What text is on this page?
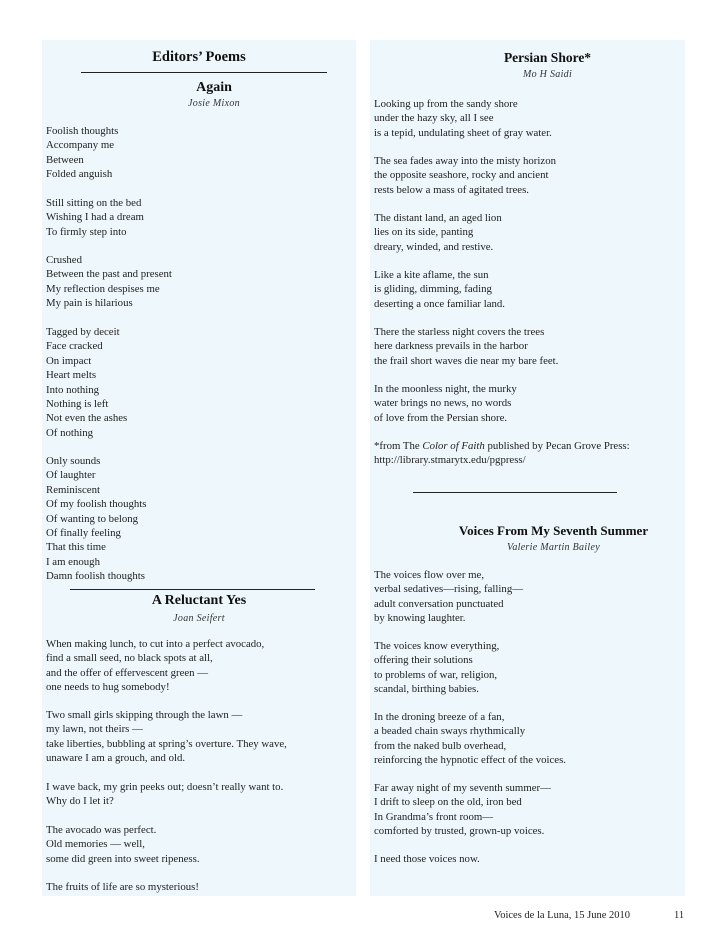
Editors’ Poems
Again
Josie Mixon
Foolish thoughts
Accompany me
Between
Folded anguish
Still sitting on the bed
Wishing I had a dream
To firmly step into
Crushed
Between the past and present
My reflection despises me
My pain is hilarious
Tagged by deceit
Face cracked
On impact
Heart melts
Into nothing
Nothing is left
Not even the ashes
Of nothing
Only sounds
Of laughter
Reminiscent
Of my foolish thoughts
Of wanting to belong
Of finally feeling
That this time
I am enough
Damn foolish thoughts
A Reluctant Yes
Joan Seifert
When making lunch, to cut into a perfect avocado,
find a small seed, no black spots at all,
and the offer of effervescent green —
one needs to hug somebody!
Two small girls skipping through the lawn —
my lawn, not theirs —
take liberties, bubbling at spring’s overture. They wave,
unaware I am a grouch, and old.
I wave back, my grin peeks out; doesn’t really want to.
Why do I let it?
The avocado was perfect.
Old memories — well,
some did green into sweet ripeness.
The fruits of life are so mysterious!
Persian Shore*
Mo H Saidi
Looking up from the sandy shore
under the hazy sky, all I see
is a tepid, undulating sheet of gray water.
The sea fades away into the misty horizon
the opposite seashore, rocky and ancient
rests below a mass of agitated trees.
The distant land, an aged lion
lies on its side, panting
dreary, winded, and restive.
Like a kite aflame, the sun
is gliding, dimming, fading
deserting a once familiar land.
There the starless night covers the trees
here darkness prevails in the harbor
the frail short waves die near my bare feet.
In the moonless night, the murky
water brings no news, no words
of love from the Persian shore.
*from The Color of Faith published by Pecan Grove Press:
http://library.stmarytx.edu/pgpress/
Voices From My Seventh Summer
Valerie Martin Bailey
The voices flow over me,
verbal sedatives—rising, falling—
adult conversation punctuated
by knowing laughter.
The voices know everything,
offering their solutions
to problems of war, religion,
scandal, birthing babies.
In the droning breeze of a fan,
a beaded chain sways rhythmically
from the naked bulb overhead,
reinforcing the hypnotic effect of the voices.
Far away night of my seventh summer—
I drift to sleep on the old, iron bed
In Grandma’s front room—
comforted by trusted, grown-up voices.
I need those voices now.
Voices de la Luna, 15 June 2010	11
